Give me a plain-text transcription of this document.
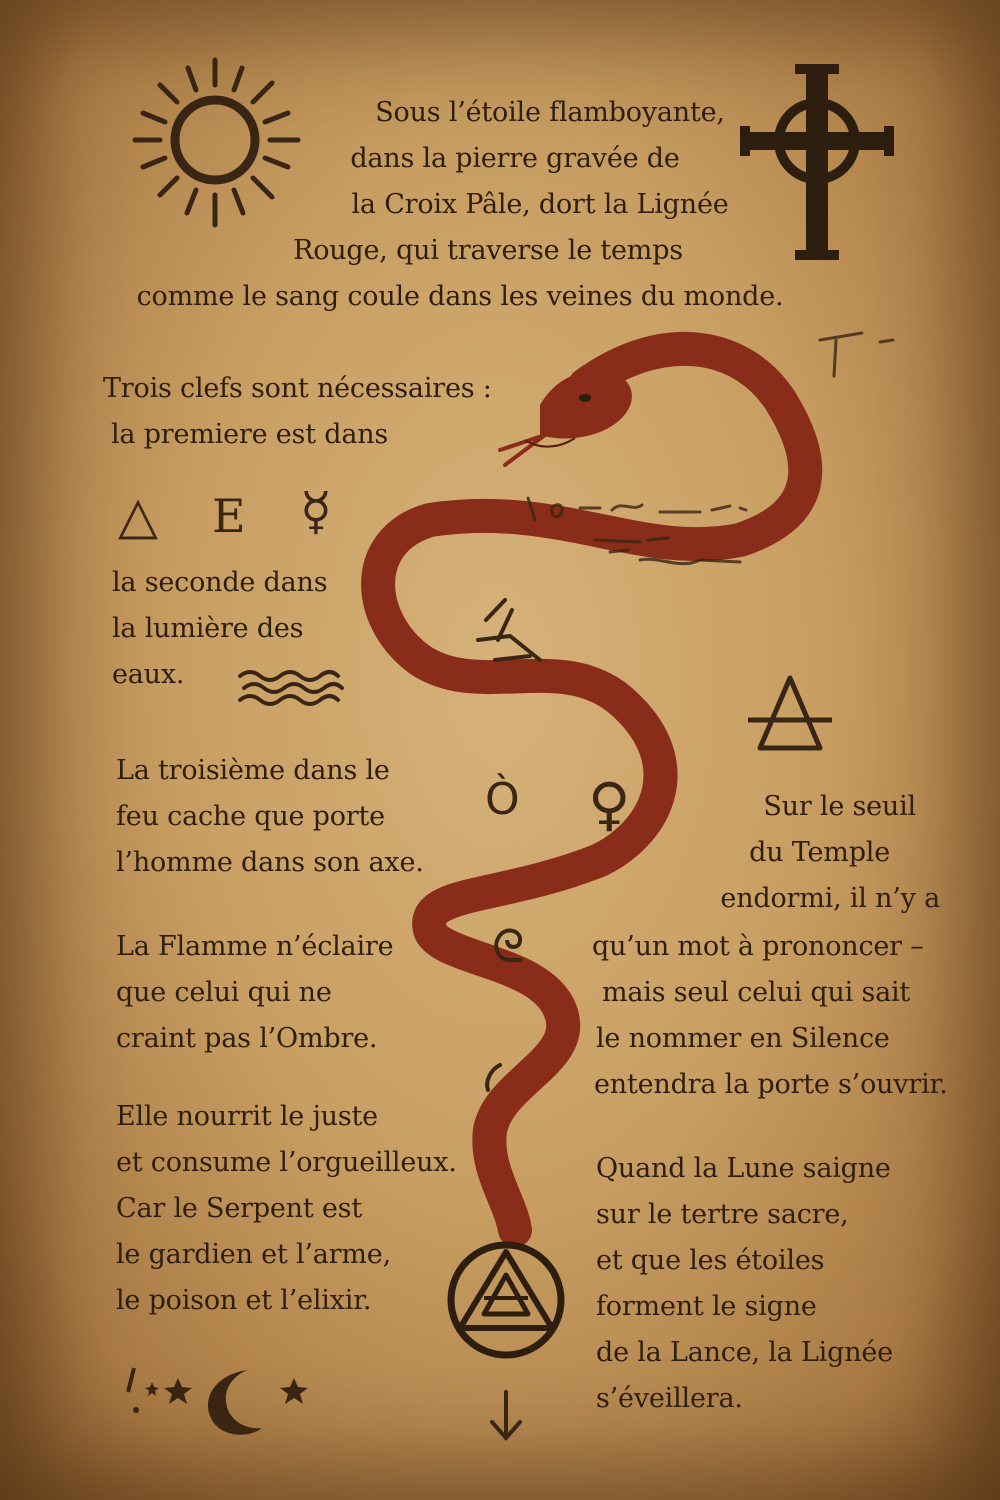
△ E ☿
Ò ♀
ᘓ
Sous l’étoile flamboyante,
dans la pierre gravée de
la Croix Pâle, dort la Lignée
Rouge, qui traverse le temps
comme le sang coule dans les veines du monde.
Trois clefs sont nécessaires :
la premiere est dans
la seconde dans
la lumière des
eaux.
La troisième dans le
feu cache que porte
l’homme dans son axe.
La Flamme n’éclaire
que celui qui ne
craint pas l’Ombre.
Elle nourrit le juste
et consume l’orgueilleux.
Car le Serpent est
le gardien et l’arme,
le poison et l’elixir.
Sur le seuil
du Temple
endormi, il n’y a
qu’un mot à prononcer –
mais seul celui qui sait
le nommer en Silence
entendra la porte s’ouvrir.
Quand la Lune saigne
sur le tertre sacre,
et que les étoiles
forment le signe
de la Lance, la Lignée
s’éveillera.
